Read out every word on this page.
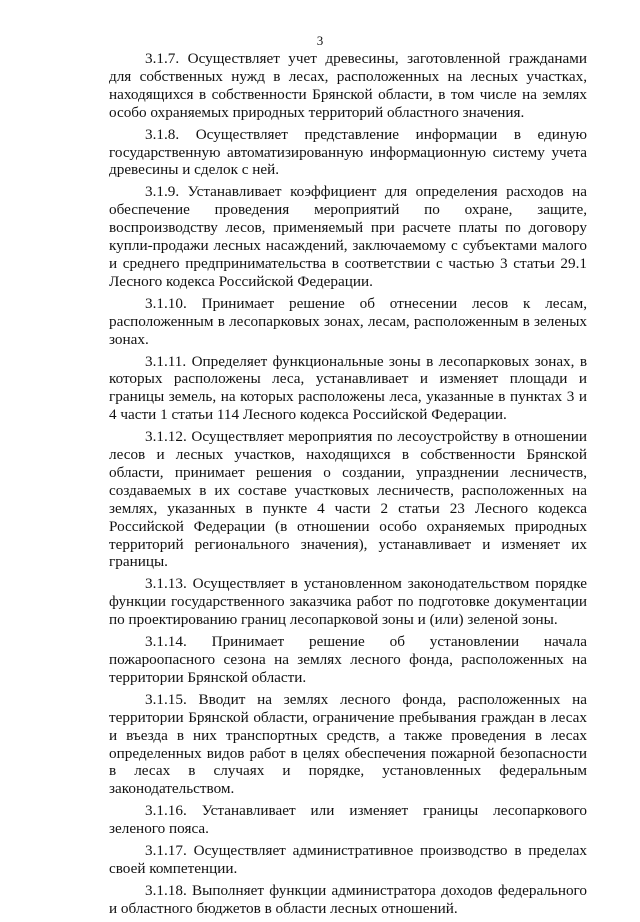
3

3.1.7. Осуществляет учет древесины, заготовленной гражданами для собственных нужд в лесах, расположенных на лесных участках, находящихся в собственности Брянской области, в том числе на землях особо охраняемых природных территорий областного значения.

3.1.8. Осуществляет представление информации в единую государственную автоматизированную информационную систему учета древесины и сделок с ней.

3.1.9. Устанавливает коэффициент для определения расходов на обеспечение проведения мероприятий по охране, защите, воспроизводству лесов, применяемый при расчете платы по договору купли-продажи лесных насаждений, заключаемому с субъектами малого и среднего предпринимательства в соответствии с частью 3 статьи 29.1 Лесного кодекса Российской Федерации.

3.1.10. Принимает решение об отнесении лесов к лесам, расположенным в лесопарковых зонах, лесам, расположенным в зеленых зонах.

3.1.11. Определяет функциональные зоны в лесопарковых зонах, в которых расположены леса, устанавливает и изменяет площади и границы земель, на которых расположены леса, указанные в пунктах 3 и 4 части 1 статьи 114 Лесного кодекса Российской Федерации.

3.1.12. Осуществляет мероприятия по лесоустройству в отношении лесов и лесных участков, находящихся в собственности Брянской области, принимает решения о создании, упразднении лесничеств, создаваемых в их составе участковых лесничеств, расположенных на землях, указанных в пункте 4 части 2 статьи 23 Лесного кодекса Российской Федерации (в отношении особо охраняемых природных территорий регионального значения), устанавливает и изменяет их границы.

3.1.13. Осуществляет в установленном законодательством порядке функции государственного заказчика работ по подготовке документации по проектированию границ лесопарковой зоны и (или) зеленой зоны.

3.1.14. Принимает решение об установлении начала пожароопасного сезона на землях лесного фонда, расположенных на территории Брянской области.

3.1.15. Вводит на землях лесного фонда, расположенных на территории Брянской области, ограничение пребывания граждан в лесах и въезда в них транспортных средств, а также проведения в лесах определенных видов работ в целях обеспечения пожарной безопасности в лесах в случаях и порядке, установленных федеральным законодательством.

3.1.16. Устанавливает или изменяет границы лесопаркового зеленого пояса.

3.1.17. Осуществляет административное производство в пределах своей компетенции.

3.1.18. Выполняет функции администратора доходов федерального и областного бюджетов в области лесных отношений.
